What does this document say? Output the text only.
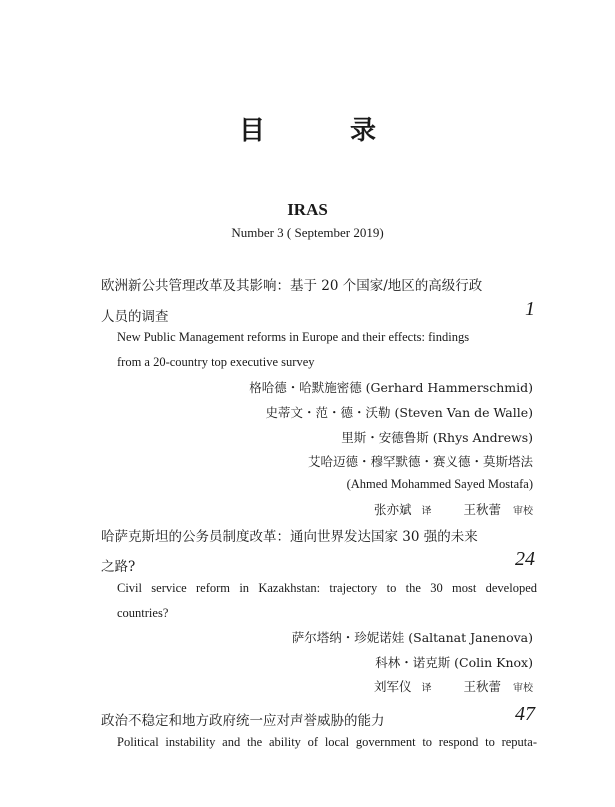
目 录
IRAS
Number 3 ( September 2019)
欧洲新公共管理改革及其影响：基于 20 个国家/地区的高级行政
人员的调查	1
New Public Management reforms in Europe and their effects: findings
from a 20-country top executive survey
格哈德・哈默施密德 (Gerhard Hammerschmid)
史蒂文・范・德・沃勒 (Steven Van de Walle)
里斯・安德鲁斯 (Rhys Andrews)
艾哈迈德・穆罕默德・赛义德・莫斯塔法
(Ahmed Mohammed Sayed Mostafa)
张亦斌 译	王秋蕾 审校
哈萨克斯坦的公务员制度改革：通向世界发达国家 30 强的未来
之路?	24
Civil service reform in Kazakhstan: trajectory to the 30 most developed
countries?
萨尔塔纳・珍妮诺娃 (Saltanat Janenova)
科林・诺克斯 (Colin Knox)
刘军仪 译	王秋蕾 审校
政治不稳定和地方政府统一应对声誉威胁的能力	47
Political instability and the ability of local government to respond to reputa-
